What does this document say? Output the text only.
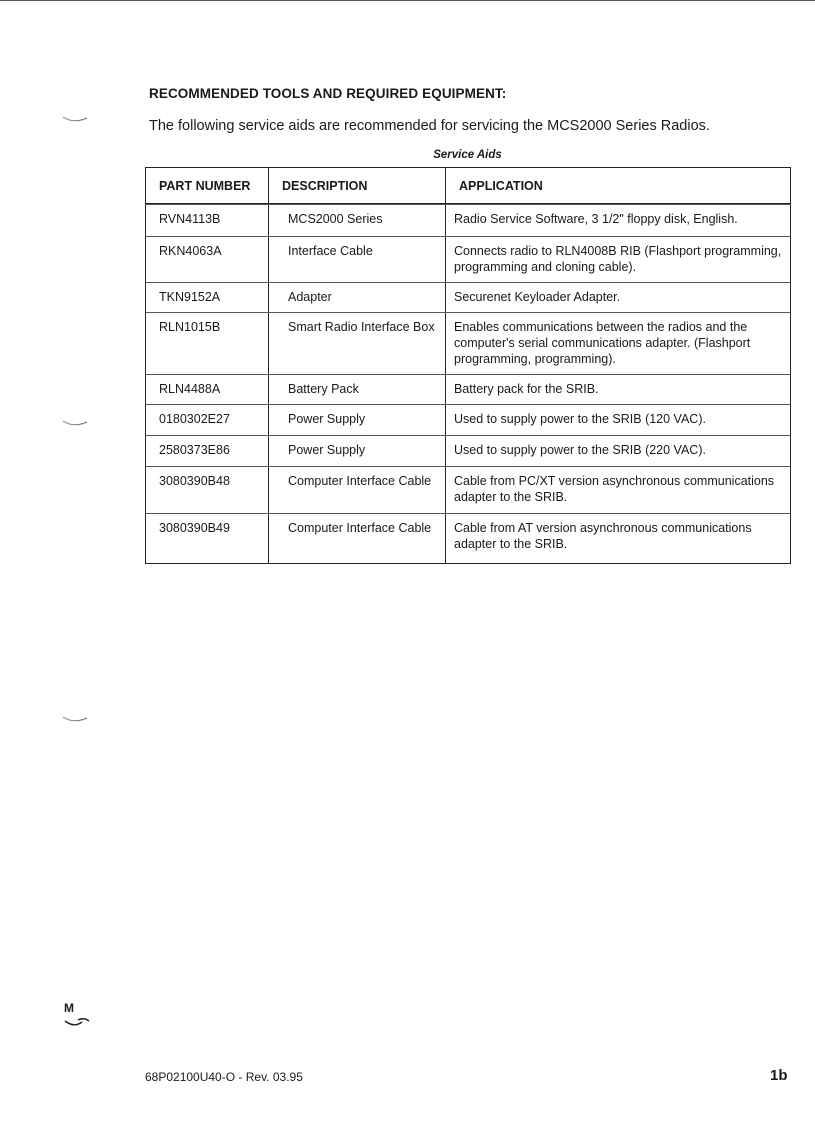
RECOMMENDED TOOLS AND REQUIRED EQUIPMENT:
The following service aids are recommended for servicing the MCS2000 Series Radios.
Service Aids
PART NUMBER	DESCRIPTION	APPLICATION

RVN4113B	MCS2000 Series	Radio Service Software, 3 1/2" floppy disk, English.
RKN4063A	Interface Cable	Connects radio to RLN4008B RIB (Flashport programming, programming and cloning cable).
TKN9152A	Adapter	Securenet Keyloader Adapter.
RLN1015B	Smart Radio Interface Box	Enables communications between the radios and the computer's serial communications adapter. (Flashport programming, programming).
RLN4488A	Battery Pack	Battery pack for the SRIB.
0180302E27	Power Supply	Used to supply power to the SRIB (120 VAC).
2580373E86	Power Supply	Used to supply power to the SRIB (220 VAC).
3080390B48	Computer Interface Cable	Cable from PC/XT version asynchronous communications adapter to the SRIB.
3080390B49	Computer Interface Cable	Cable from AT version asynchronous communications adapter to the SRIB.
M
68P02100U40-O - Rev. 03.95	1b
